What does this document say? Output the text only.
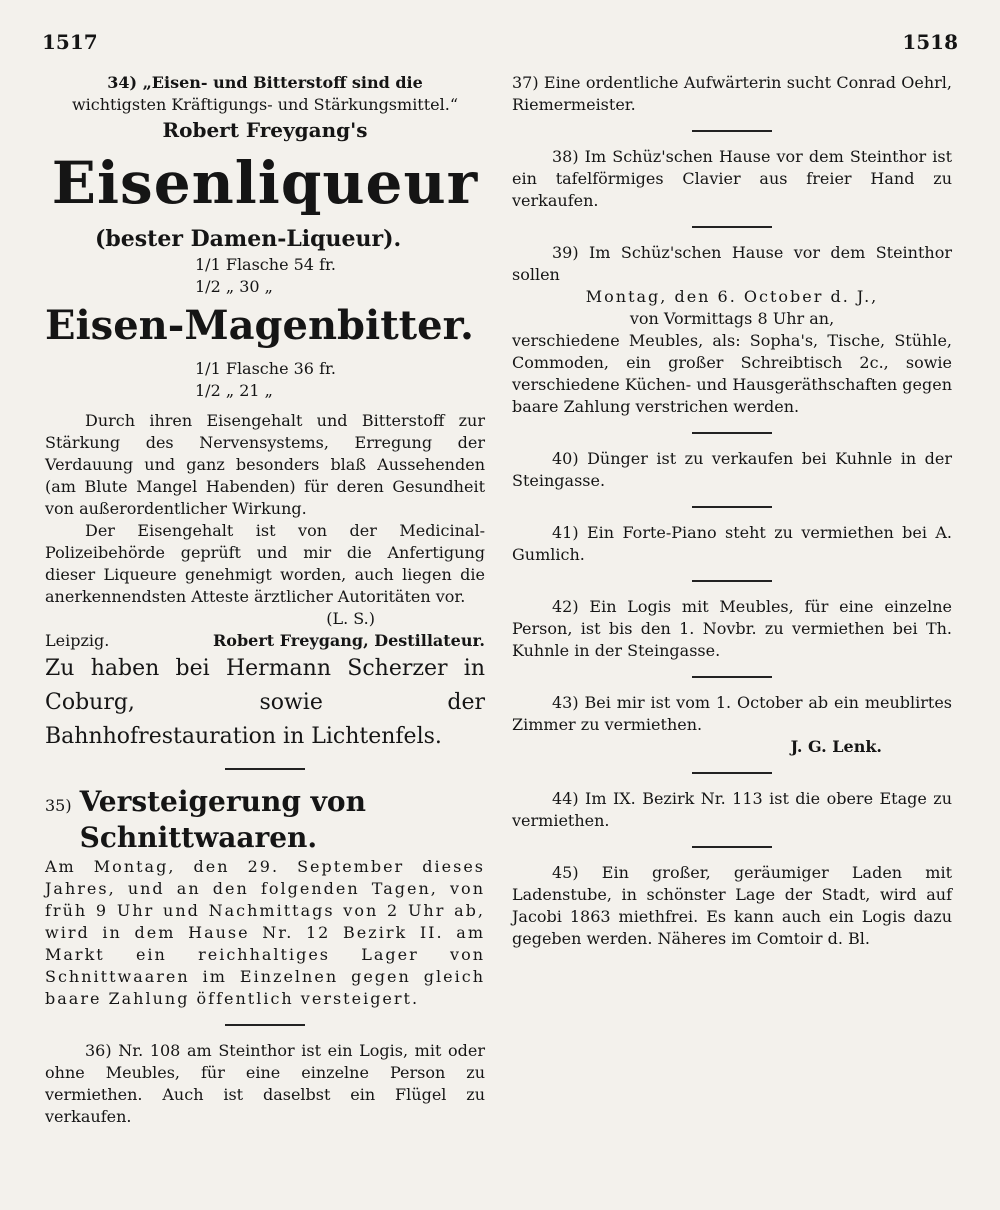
1517	1518

34) „Eisen- und Bitterstoff sind die

wichtigsten Kräftigungs- und Stärkungsmittel.“

Robert Freygang's

Eisenliqueur

(bester Damen-Liqueur).

1/1 Flasche 54 fr.

1/2 „ 30 „

Eisen-Magenbitter.

1/1 Flasche 36 fr.

1/2 „ 21 „

Durch ihren Eisengehalt und Bitterstoff zur Stärkung des Nervensystems, Erregung der Verdauung und ganz besonders blaß Aussehenden (am Blute Mangel Habenden) für deren Gesundheit von außerordentlicher Wirkung.

Der Eisengehalt ist von der Medicinal-Polizeibehörde geprüft und mir die Anfertigung dieser Liqueure genehmigt worden, auch liegen die anerkennendsten Atteste ärztlicher Autoritäten vor.

(L. S.)

Leipzig.	Robert Freygang, Destillateur.

Zu haben bei Hermann Scherzer in Coburg, sowie der Bahnhofrestauration in Lichtenfels.

35) Versteigerung von Schnittwaaren.

Am Montag, den 29. September dieses Jahres, und an den folgenden Tagen, von früh 9 Uhr und Nachmittags von 2 Uhr ab, wird in dem Hause Nr. 12 Bezirk II. am Markt ein reichhaltiges Lager von Schnittwaaren im Einzelnen gegen gleich baare Zahlung öffentlich versteigert.

36) Nr. 108 am Steinthor ist ein Logis, mit oder ohne Meubles, für eine einzelne Person zu vermiethen. Auch ist daselbst ein Flügel zu verkaufen.

37) Eine ordentliche Aufwärterin sucht Conrad Oehrl, Riemermeister.

38) Im Schüz'schen Hause vor dem Steinthor ist ein tafelförmiges Clavier aus freier Hand zu verkaufen.

39) Im Schüz'schen Hause vor dem Steinthor sollen

Montag, den 6. October d. J.,

von Vormittags 8 Uhr an,

verschiedene Meubles, als: Sopha's, Tische, Stühle, Commoden, ein großer Schreibtisch 2c., sowie verschiedene Küchen- und Hausgeräthschaften gegen baare Zahlung verstrichen werden.

40) Dünger ist zu verkaufen bei Kuhnle in der Steingasse.

41) Ein Forte-Piano steht zu vermiethen bei A. Gumlich.

42) Ein Logis mit Meubles, für eine einzelne Person, ist bis den 1. Novbr. zu vermiethen bei Th. Kuhnle in der Steingasse.

43) Bei mir ist vom 1. October ab ein meublirtes Zimmer zu vermiethen.

J. G. Lenk.

44) Im IX. Bezirk Nr. 113 ist die obere Etage zu vermiethen.

45) Ein großer, geräumiger Laden mit Ladenstube, in schönster Lage der Stadt, wird auf Jacobi 1863 miethfrei. Es kann auch ein Logis dazu gegeben werden. Näheres im Comtoir d. Bl.
